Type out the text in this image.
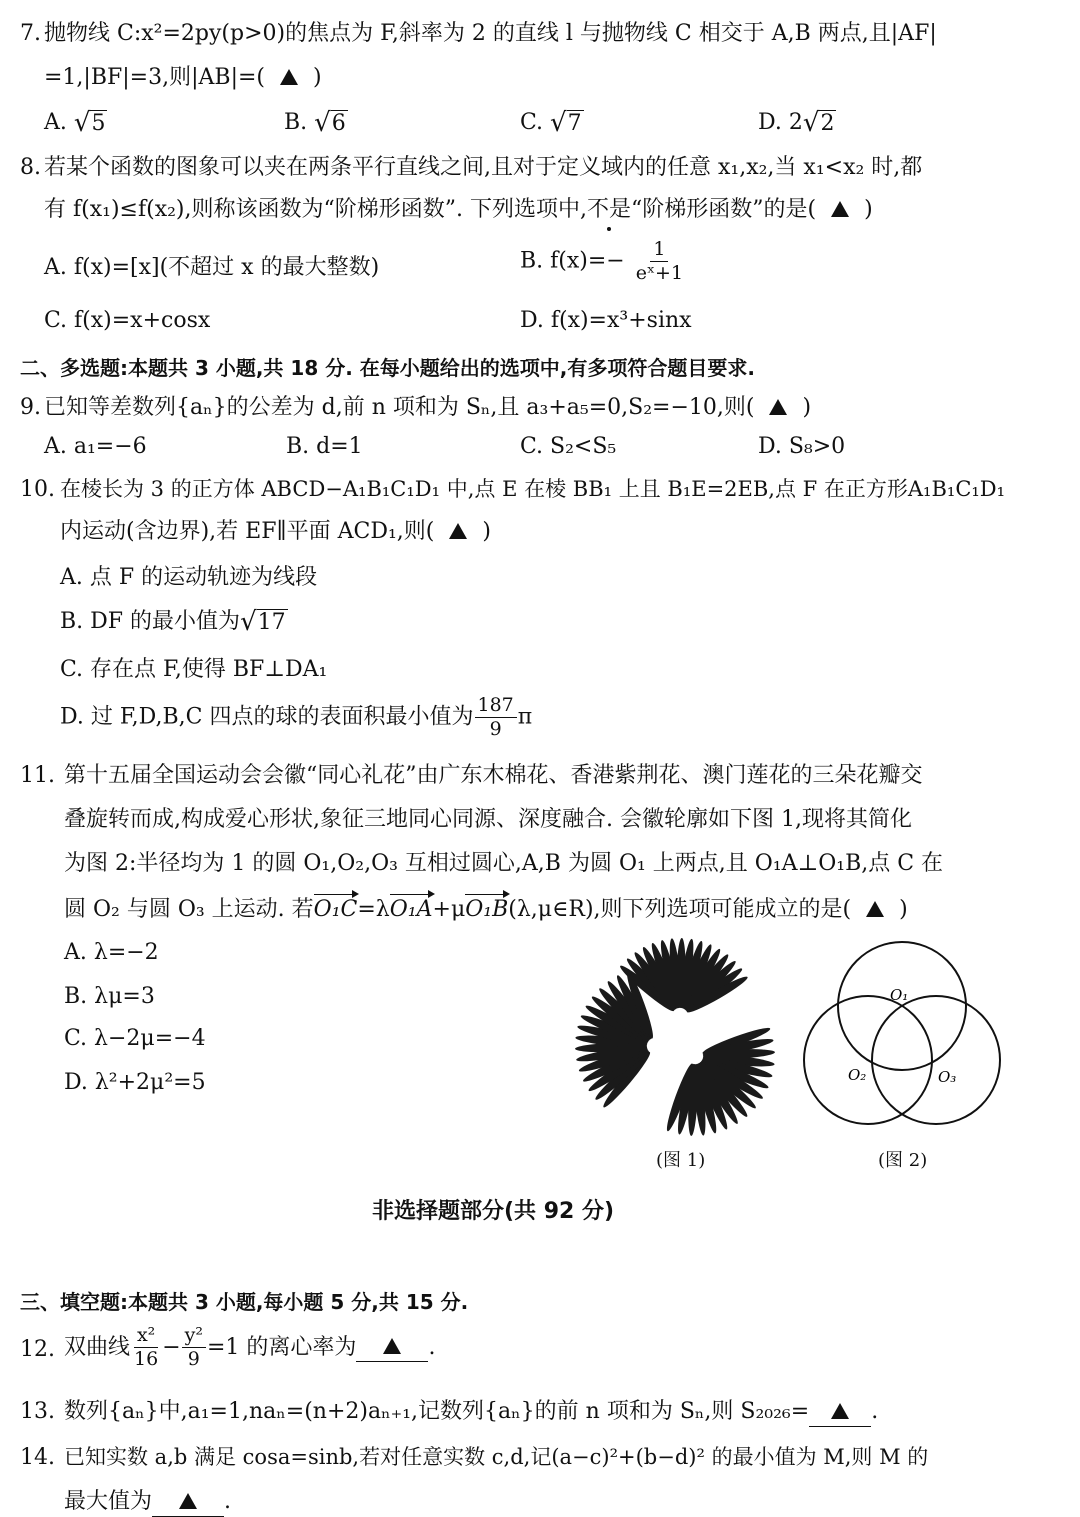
7. 抛物线 C:x²=2py(p>0)的焦点为 F,斜率为 2 的直线 l 与抛物线 C 相交于 A,B 两点,且|AF|
=1,|BF|=3,则|AB|=( )
A. √ 5	B. √ 6	C. √ 7	D. 2 √ 2
8. 若某个函数的图象可以夹在两条平行直线之间,且对于定义域内的任意 x₁,x₂,当 x₁<x₂ 时,都
有 f(x₁)≤f(x₂),则称该函数为“阶梯形函数”. 下列选项中,不是“阶梯形函数”的是( )
A. f(x)=[x](不超过 x 的最大整数)	B. $f(x)=- \frac{1}{\text{eˣ+1}}$
C. f(x)=x+cosx	D. f(x)=x³+sinx
二、多选题:本题共 3 小题,共 18 分. 在每小题给出的选项中,有多项符合题目要求.
9. 已知等差数列{aₙ}的公差为 d,前 n 项和为 Sₙ,且 a₃+a₅=0,S₂=−10,则( )
A. a₁=−6	B. d=1	C. S₂<S₅	D. S₈>0
10. 在棱长为 3 的正方体 ABCD−A₁B₁C₁D₁ 中,点 E 在棱 BB₁ 上且 B₁E=2EB,点 F 在正方形A₁B₁C₁D₁
内运动(含边界),若 EF∥平面 ACD₁,则( )
A. 点 F 的运动轨迹为线段
B. DF 的最小值为 √ 17
C. 存在点 F,使得 BF⊥DA₁
D. 过 F,D,B,C 四点的球的表面积最小值为 $\frac{187}{9}$ π
11. 第十五届全国运动会会徽“同心礼花”由广东木棉花、香港紫荆花、澳门莲花的三朵花瓣交
叠旋转而成,构成爱心形状,象征三地同心同源、深度融合. 会徽轮廓如下图 1,现将其简化
为图 2:半径均为 1 的圆 O₁,O₂,O₃ 互相过圆心,A,B 为圆 O₁ 上两点,且 O₁A⊥O₁B,点 C 在
圆 O₂ 与圆 O₃ 上运动. 若O₁C=λO₁A+μO₁B(λ,μ∈R),则下列选项可能成立的是( )
A. λ=−2
B. λμ=3
C. λ−2μ=−4
D. λ²+2μ²=5
(图 1)
O₁
O₂	O₃
(图 2)
非选择题部分(共 92 分)
三、填空题:本题共 3 小题,每小题 5 分,共 15 分.
12. 双曲线 $\frac{\text{x²}}{16} - \frac{\text{y²}}{9} =1$ 的离心率为	.
13. 数列{aₙ}中,a₁=1,naₙ=(n+2)aₙ₊₁,记数列{aₙ}的前 n 项和为 Sₙ,则 S₂₀₂₆=	.
14. 已知实数 a,b 满足 cosa=sinb,若对任意实数 c,d,记(a−c)²+(b−d)² 的最小值为 M,则 M 的
最大值为	.
